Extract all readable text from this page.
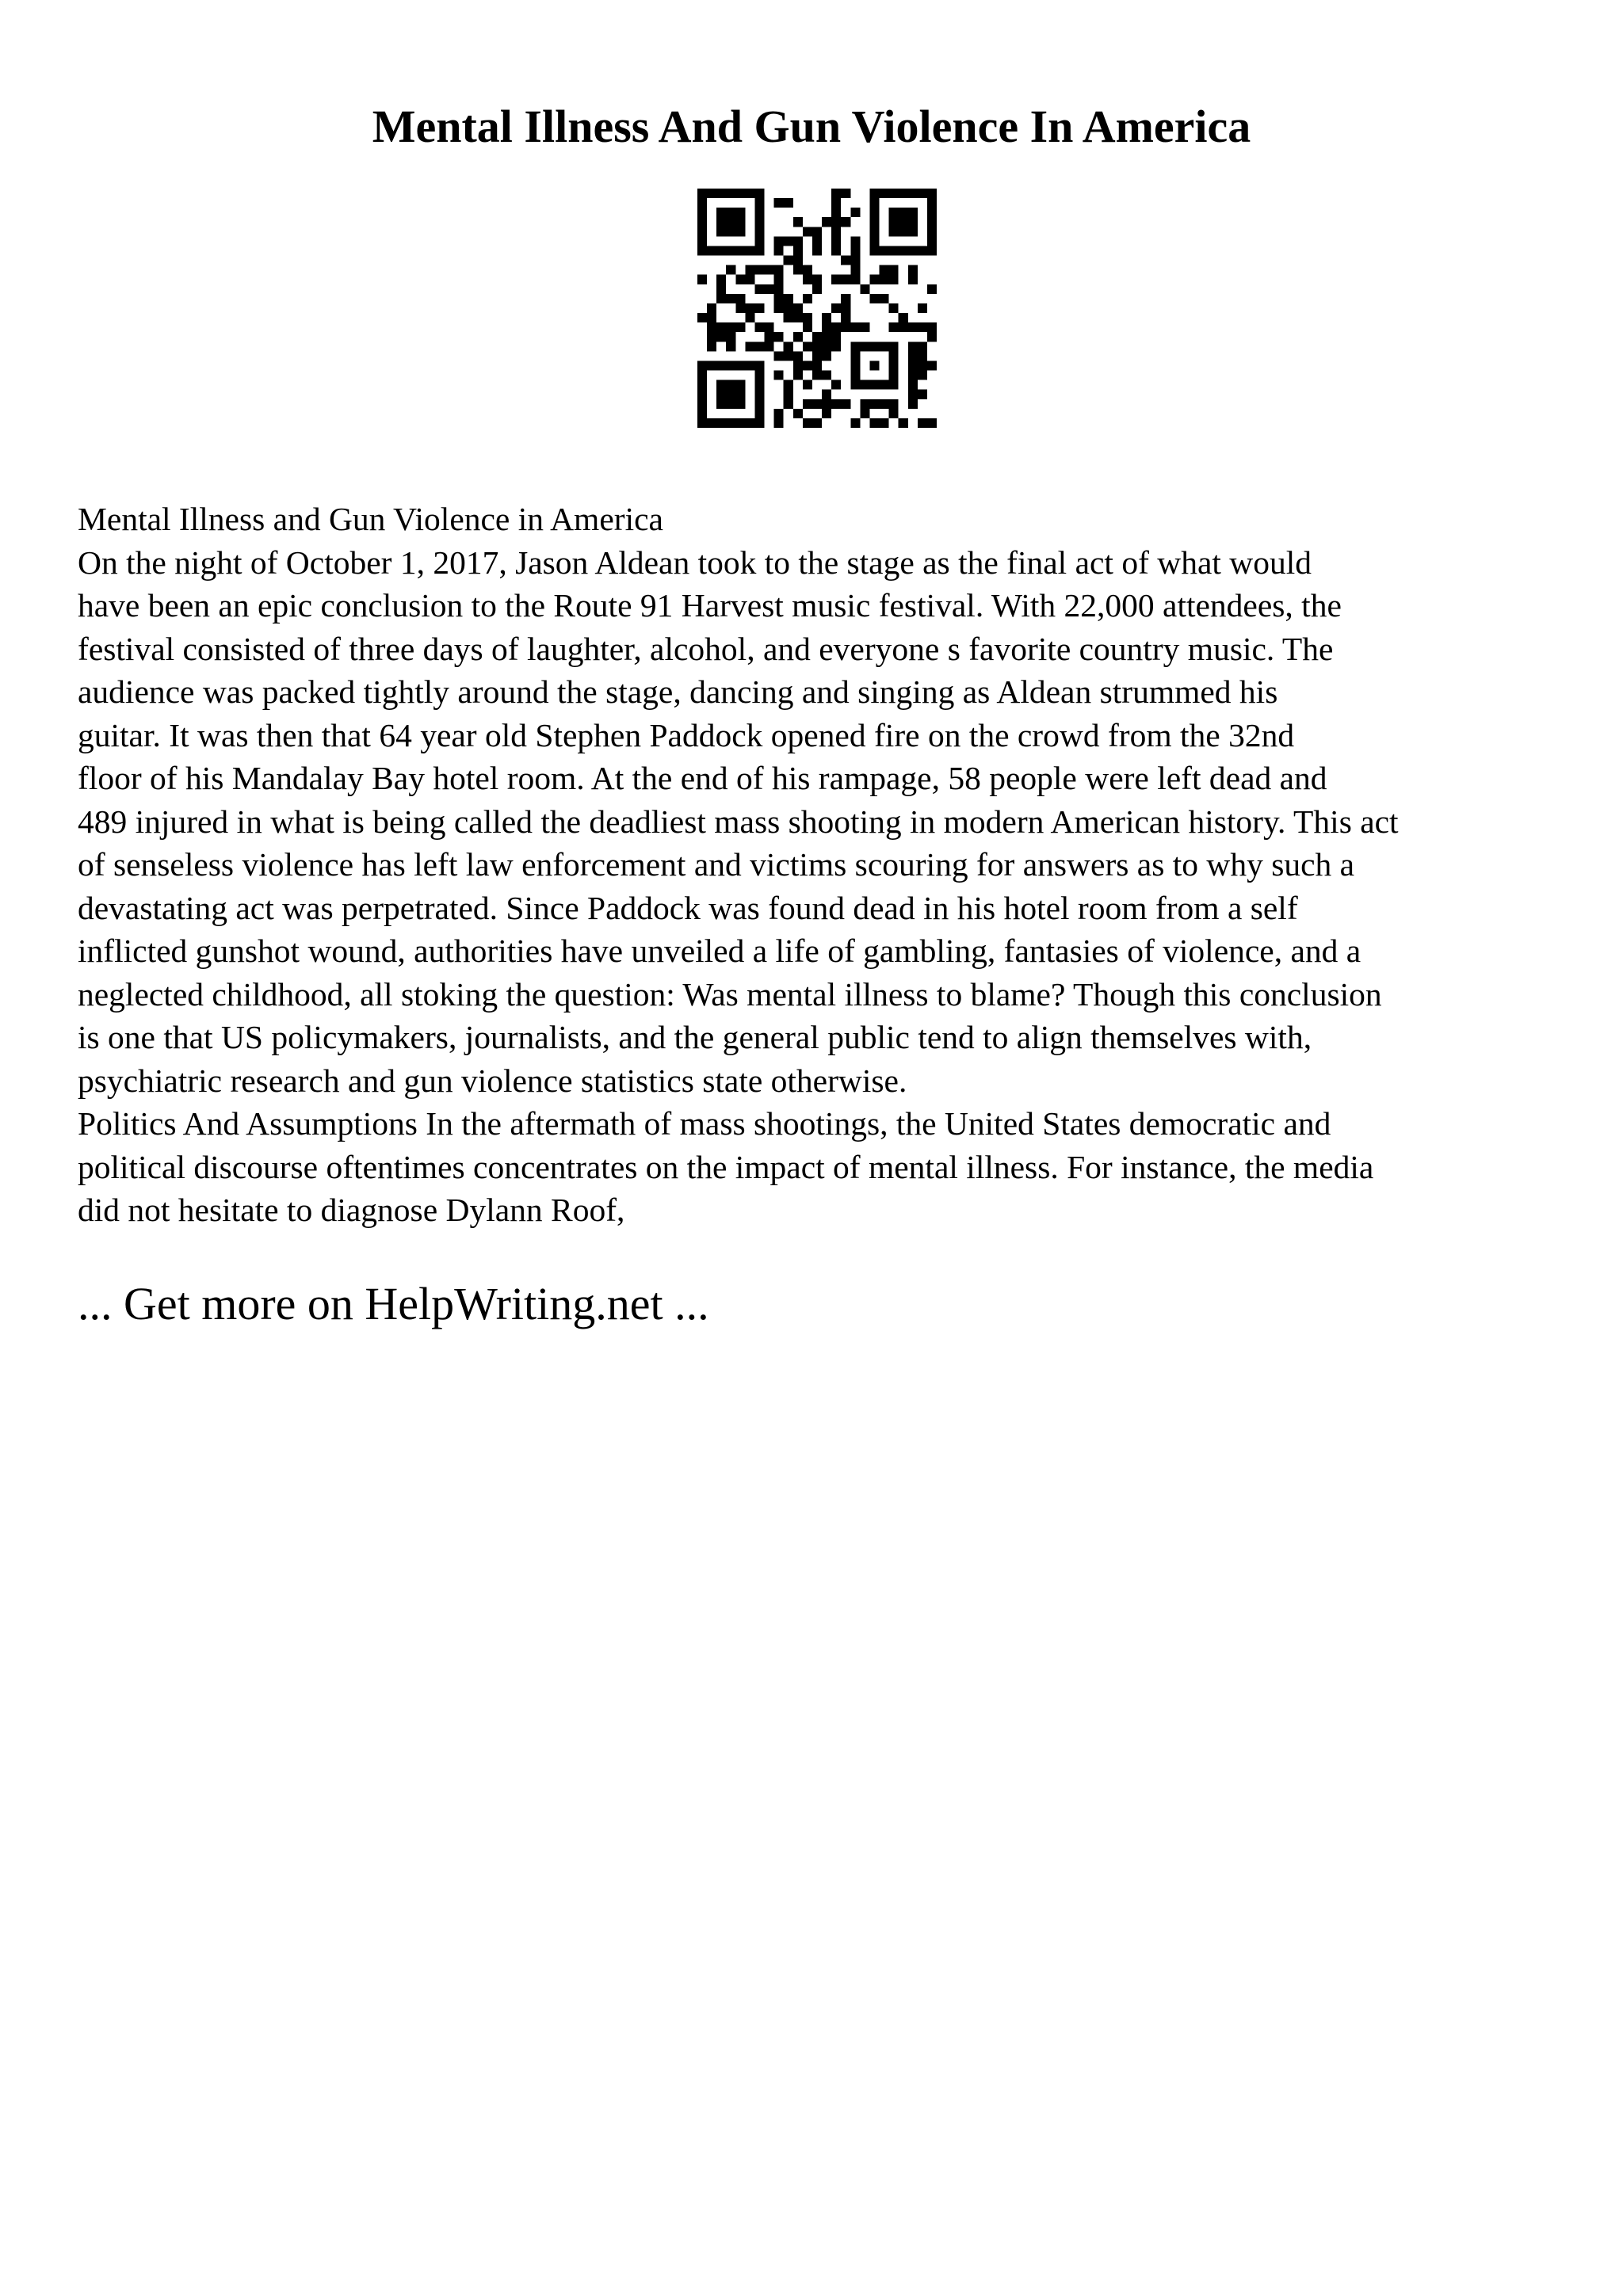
Mental Illness And Gun Violence In America
Mental Illness and Gun Violence in America
On the night of October 1, 2017, Jason Aldean took to the stage as the final act of what would
have been an epic conclusion to the Route 91 Harvest music festival. With 22,000 attendees, the
festival consisted of three days of laughter, alcohol, and everyone s favorite country music. The
audience was packed tightly around the stage, dancing and singing as Aldean strummed his
guitar. It was then that 64 year old Stephen Paddock opened fire on the crowd from the 32nd
floor of his Mandalay Bay hotel room. At the end of his rampage, 58 people were left dead and
489 injured in what is being called the deadliest mass shooting in modern American history. This act
of senseless violence has left law enforcement and victims scouring for answers as to why such a
devastating act was perpetrated. Since Paddock was found dead in his hotel room from a self
inflicted gunshot wound, authorities have unveiled a life of gambling, fantasies of violence, and a
neglected childhood, all stoking the question: Was mental illness to blame? Though this conclusion
is one that US policymakers, journalists, and the general public tend to align themselves with,
psychiatric research and gun violence statistics state otherwise.
Politics And Assumptions In the aftermath of mass shootings, the United States democratic and
political discourse oftentimes concentrates on the impact of mental illness. For instance, the media
did not hesitate to diagnose Dylann Roof,
... Get more on HelpWriting.net ...
